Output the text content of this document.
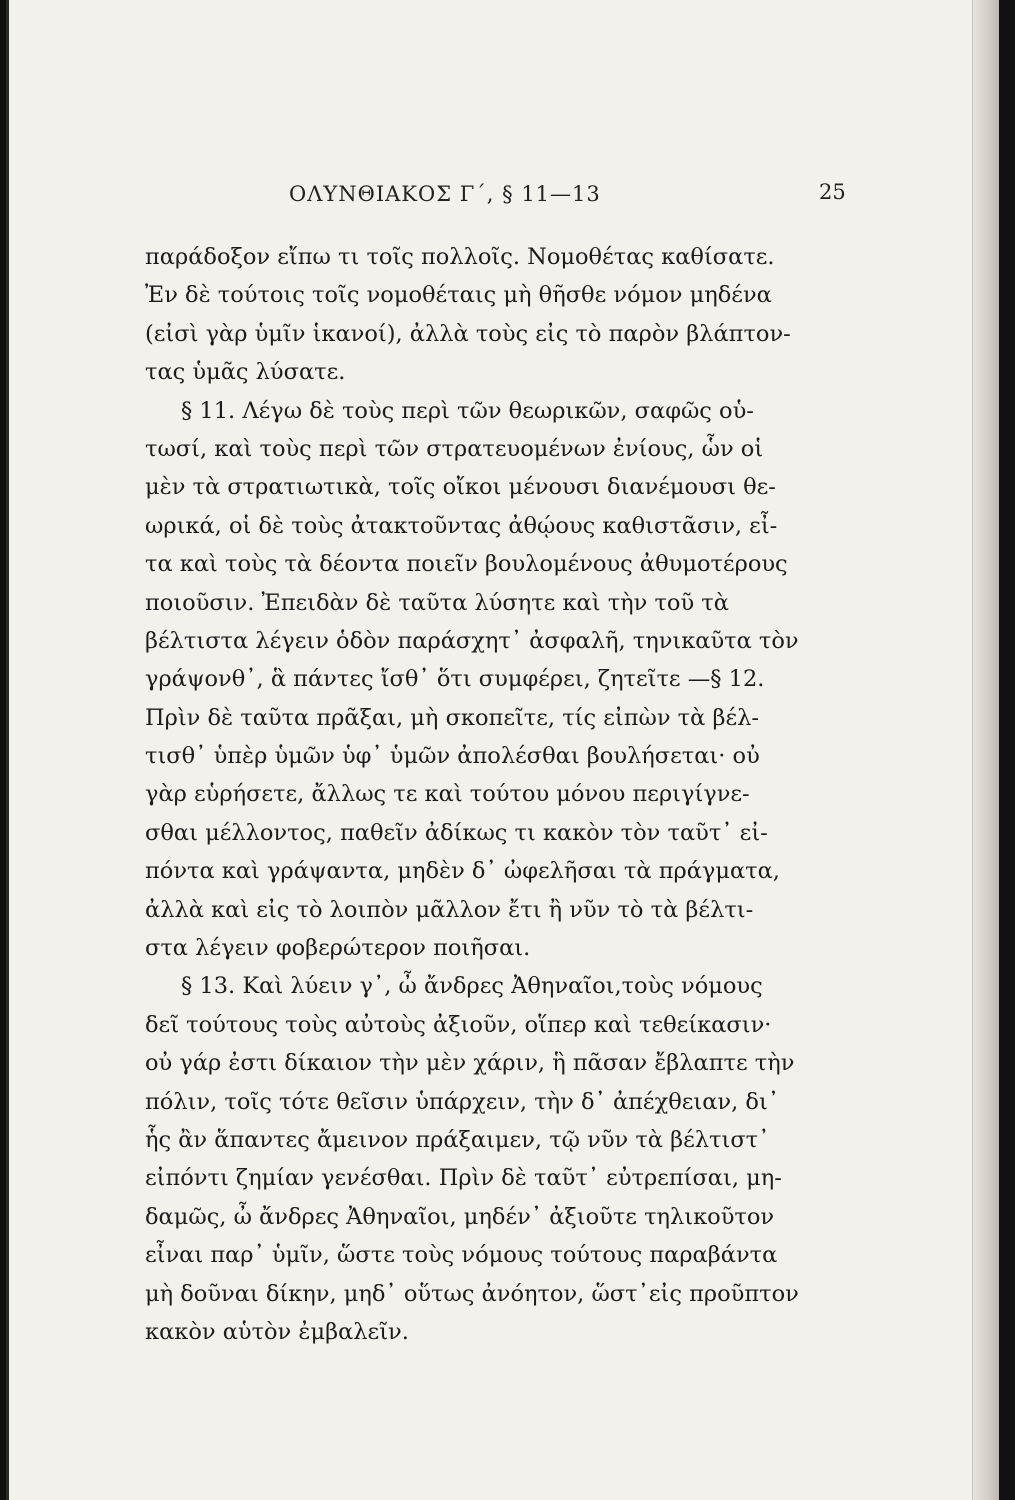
ΟΛΥΝΘΙΑΚΟΣ Γ΄, § 11—13	25
παράδοξον εἴπω τι τοῖς πολλοῖς. Νομοθέτας καθίσατε.
Ἐν δὲ τούτοις τοῖς νομοθέταις μὴ θῆσθε νόμον μηδένα
(εἰσὶ γὰρ ὑμῖν ἱκανοί), ἀλλὰ τοὺς εἰς τὸ παρὸν βλάπτον-
τας ὑμᾶς λύσατε.
§ 11. Λέγω δὲ τοὺς περὶ τῶν θεωρικῶν, σαφῶς οὑ-
τωσί, καὶ τοὺς περὶ τῶν στρατευομένων ἐνίους, ὧν οἱ
μὲν τὰ στρατιωτικὰ, τοῖς οἴκοι μένουσι διανέμουσι θε-
ωρικά, οἱ δὲ τοὺς ἀτακτοῦντας ἀθῴους καθιστᾶσιν, εἶ-
τα καὶ τοὺς τὰ δέοντα ποιεῖν βουλομένους ἀθυμοτέρους
ποιοῦσιν. Ἐπειδὰν δὲ ταῦτα λύσητε καὶ τὴν τοῦ τὰ
βέλτιστα λέγειν ὁδὸν παράσχητ᾽ ἀσφαλῆ, τηνικαῦτα τὸν
γράψονθ᾽, ἃ πάντες ἴσθ᾽ ὅτι συμφέρει, ζητεῖτε —§ 12.
Πρὶν δὲ ταῦτα πρᾶξαι, μὴ σκοπεῖτε, τίς εἰπὼν τὰ βέλ-
τισθ᾽ ὑπὲρ ὑμῶν ὑφ᾽ ὑμῶν ἀπολέσθαι βουλήσεται· οὐ
γὰρ εὑρήσετε, ἄλλως τε καὶ τούτου μόνου περιγίγνε-
σθαι μέλλοντος, παθεῖν ἀδίκως τι κακὸν τὸν ταῦτ᾽ εἰ-
πόντα καὶ γράψαντα, μηδὲν δ᾽ ὠφελῆσαι τὰ πράγματα,
ἀλλὰ καὶ εἰς τὸ λοιπὸν μᾶλλον ἔτι ἢ νῦν τὸ τὰ βέλτι-
στα λέγειν φοβερώτερον ποιῆσαι.
§ 13. Καὶ λύειν γ᾽, ὦ ἄνδρες Ἀθηναῖοι,τοὺς νόμους
δεῖ τούτους τοὺς αὐτοὺς ἀξιοῦν, οἵπερ καὶ τεθείκασιν·
οὐ γάρ ἐστι δίκαιον τὴν μὲν χάριν, ἣ πᾶσαν ἔβλαπτε τὴν
πόλιν, τοῖς τότε θεῖσιν ὑπάρχειν, τὴν δ᾽ ἀπέχθειαν, δι᾽
ἧς ἂν ἅπαντες ἄμεινον πράξαιμεν, τῷ νῦν τὰ βέλτιστ᾽
εἰπόντι ζημίαν γενέσθαι. Πρὶν δὲ ταῦτ᾽ εὐτρεπίσαι, μη-
δαμῶς, ὦ ἄνδρες Ἀθηναῖοι, μηδέν᾽ ἀξιοῦτε τηλικοῦτον
εἶναι παρ᾽ ὑμῖν, ὥστε τοὺς νόμους τούτους παραβάντα
μὴ δοῦναι δίκην, μηδ᾽ οὕτως ἀνόητον, ὥστ᾽εἰς προῦπτον
κακὸν αὑτὸν ἐμβαλεῖν.
